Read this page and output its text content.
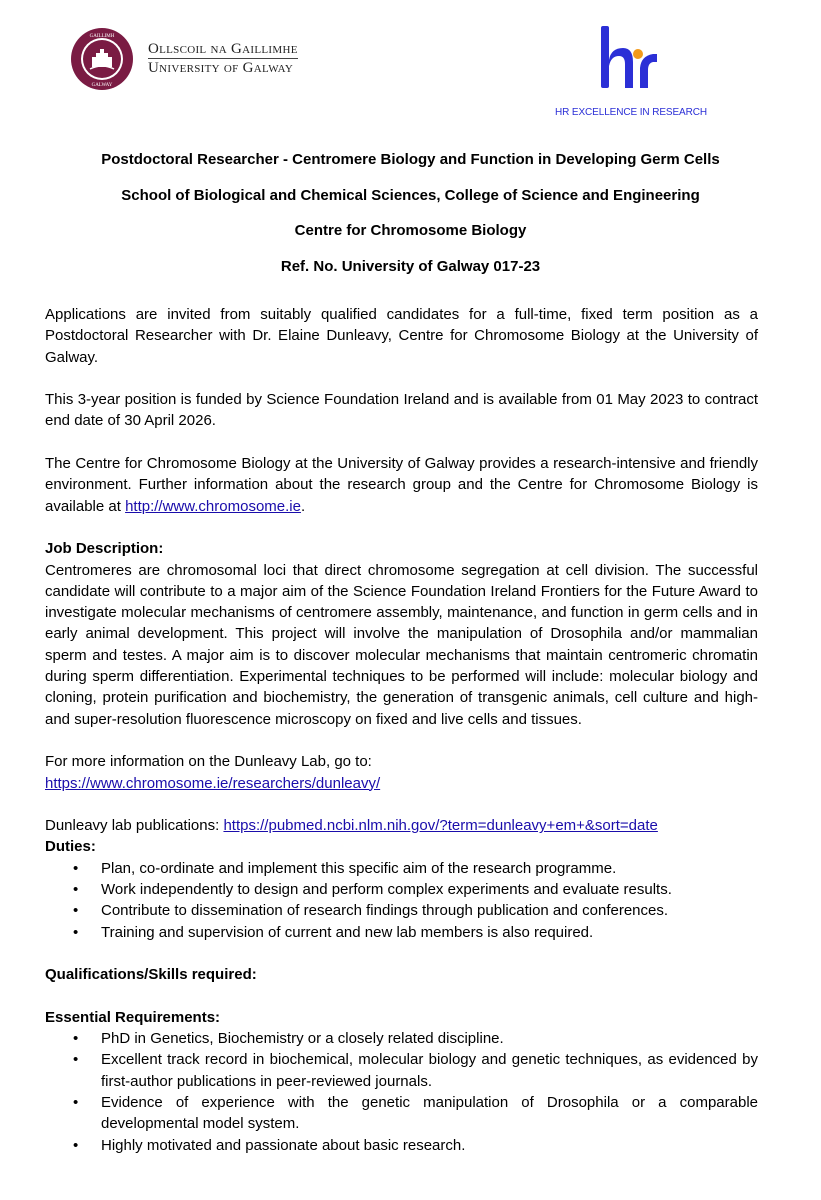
GAILLIMH
GALWAY
Ollscoil na Gaillimhe
University of Galway
HR EXCELLENCE IN RESEARCH
Postdoctoral Researcher - Centromere Biology and Function in Developing Germ Cells
School of Biological and Chemical Sciences, College of Science and Engineering
Centre for Chromosome Biology
Ref. No. University of Galway 017-23

Applications are invited from suitably qualified candidates for a full-time, fixed term position as a Postdoctoral Researcher with Dr. Elaine Dunleavy, Centre for Chromosome Biology at the University of Galway.

This 3-year position is funded by Science Foundation Ireland and is available from 01 May 2023 to contract end date of 30 April 2026.

The Centre for Chromosome Biology at the University of Galway provides a research-intensive and friendly environment. Further information about the research group and the Centre for Chromosome Biology is available at http://www.chromosome.ie.

Job Description:

Centromeres are chromosomal loci that direct chromosome segregation at cell division. The successful candidate will contribute to a major aim of the Science Foundation Ireland Frontiers for the Future Award to investigate molecular mechanisms of centromere assembly, maintenance, and function in germ cells and in early animal development. This project will involve the manipulation of Drosophila and/or mammalian sperm and testes. A major aim is to discover molecular mechanisms that maintain centromeric chromatin during sperm differentiation. Experimental techniques to be performed will include: molecular biology and cloning, protein purification and biochemistry, the generation of transgenic animals, cell culture and high- and super-resolution fluorescence microscopy on fixed and live cells and tissues.

For more information on the Dunleavy Lab, go to:
https://www.chromosome.ie/researchers/dunleavy/
Dunleavy lab publications: https://pubmed.ncbi.nlm.nih.gov/?term=dunleavy+em+&sort=date
Duties:
• Plan, co-ordinate and implement this specific aim of the research programme.
• Work independently to design and perform complex experiments and evaluate results.
• Contribute to dissemination of research findings through publication and conferences.
• Training and supervision of current and new lab members is also required.
Qualifications/Skills required:
Essential Requirements:
• PhD in Genetics, Biochemistry or a closely related discipline.
• Excellent track record in biochemical, molecular biology and genetic techniques, as evidenced by first-author publications in peer-reviewed journals.
• Evidence of experience with the genetic manipulation of Drosophila or a comparable developmental model system.
• Highly motivated and passionate about basic research.
